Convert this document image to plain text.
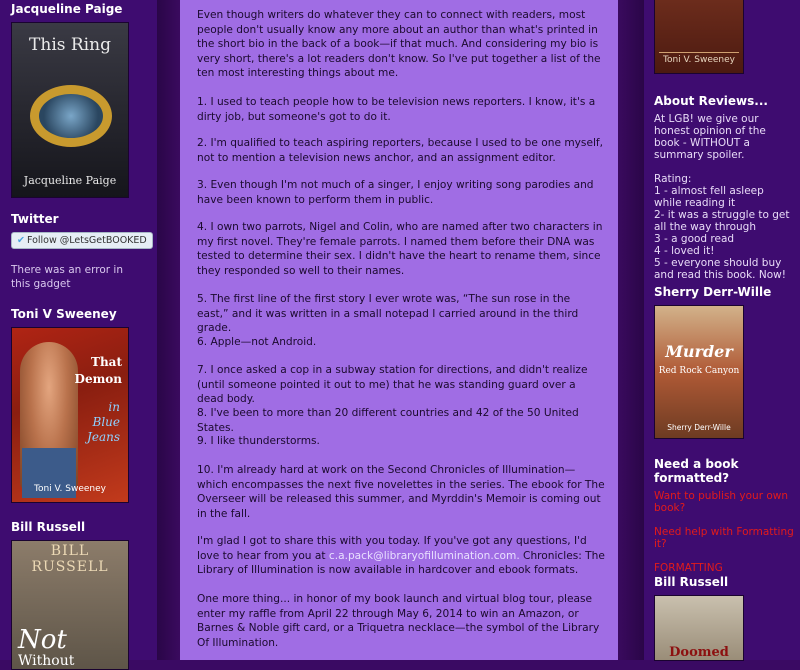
Jacqueline Paige
This Ring
Jacqueline Paige
Twitter
✔ Follow @LetsGetBOOKED
There was an error in this gadget
Toni V Sweeney
That
Demon
in
Blue
Jeans
Toni V. Sweeney
Bill Russell
BILL RUSSELL
Not
Without
Even though writers do whatever they can to connect with readers, most people don't usually know any more about an author than what's printed in the short bio in the back of a book—if that much. And considering my bio is very short, there's a lot readers don't know. So I've put together a list of the ten most interesting things about me.
1. I used to teach people how to be television news reporters. I know, it's a dirty job, but someone's got to do it.
2. I'm qualified to teach aspiring reporters, because I used to be one myself, not to mention a television news anchor, and an assignment editor.
3. Even though I'm not much of a singer, I enjoy writing song parodies and have been known to perform them in public.
4. I own two parrots, Nigel and Colin, who are named after two characters in my first novel. They're female parrots. I named them before their DNA was tested to determine their sex. I didn't have the heart to rename them, since they responded so well to their names.
5. The first line of the first story I ever wrote was, “The sun rose in the east,” and it was written in a small notepad I carried around in the third grade.
6. Apple—not Android.
7. I once asked a cop in a subway station for directions, and didn't realize (until someone pointed it out to me) that he was standing guard over a dead body.
8. I've been to more than 20 different countries and 42 of the 50 United States.
9. I like thunderstorms.
10. I'm already hard at work on the Second Chronicles of Illumination—which encompasses the next five novelettes in the series. The ebook for The Overseer will be released this summer, and Myrddin's Memoir is coming out in the fall.
I'm glad I got to share this with you today. If you've got any questions, I'd love to hear from you at c.a.pack@libraryofillumination.com. Chronicles: The Library of Illumination is now available in hardcover and ebook formats.
One more thing... in honor of my book launch and virtual blog tour, please enter my raffle from April 22 through May 6, 2014 to win an Amazon, or Barnes & Noble gift card, or a Triquetra necklace—the symbol of the Library Of Illumination.
Toni V. Sweeney
About Reviews...
At LGB! we give our honest opinion of the book - WITHOUT a summary spoiler.
Rating:
1 - almost fell asleep while reading it
2- it was a struggle to get all the way through
3 - a good read
4 - loved it!
5 - everyone should buy and read this book. Now!
Sherry Derr-Wille
Murder
Red Rock Canyon
Sherry Derr-Wille
Need a book formatted?
Want to publish your own book?
Need help with Formatting it?
FORMATTING
Bill Russell
Doomed
